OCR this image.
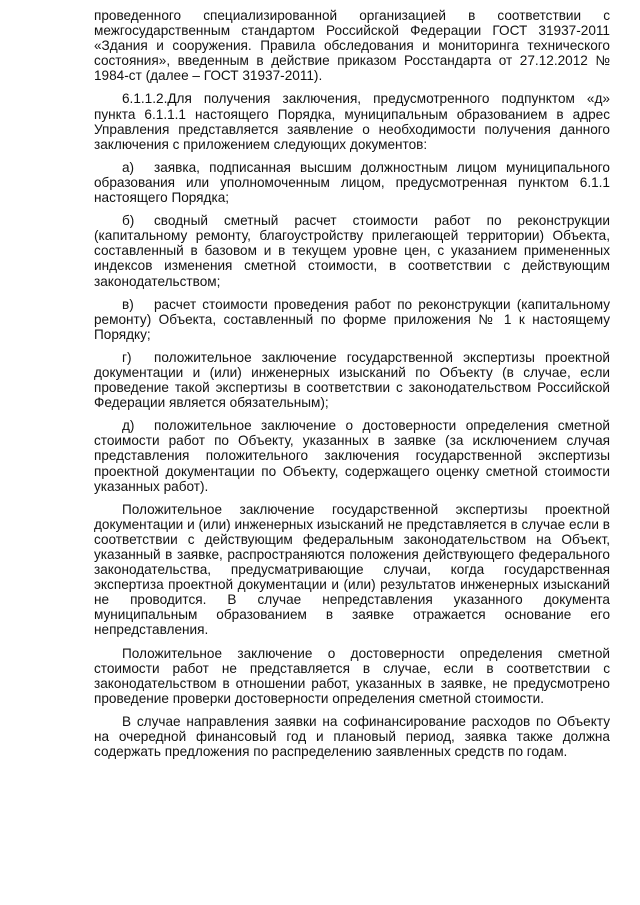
проведенного специализированной организацией в соответствии с межгосударственным стандартом Российской Федерации ГОСТ 31937-2011 «Здания и сооружения. Правила обследования и мониторинга технического состояния», введенным в действие приказом Росстандарта от 27.12.2012 № 1984-ст (далее – ГОСТ 31937-2011).

6.1.1.2.Для получения заключения, предусмотренного подпунктом «д» пункта 6.1.1.1 настоящего Порядка, муниципальным образованием в адрес Управления представляется заявление о необходимости получения данного заключения с приложением следующих документов:

а) заявка, подписанная высшим должностным лицом муниципального образования или уполномоченным лицом, предусмотренная пунктом 6.1.1 настоящего Порядка;

б) сводный сметный расчет стоимости работ по реконструкции (капитальному ремонту, благоустройству прилегающей территории) Объекта, составленный в базовом и в текущем уровне цен, с указанием примененных индексов изменения сметной стоимости, в соответствии с действующим законодательством;

в) расчет стоимости проведения работ по реконструкции (капитальному ремонту) Объекта, составленный по форме приложения № 1 к настоящему Порядку;

г) положительное заключение государственной экспертизы проектной документации и (или) инженерных изысканий по Объекту (в случае, если проведение такой экспертизы в соответствии с законодательством Российской Федерации является обязательным);

д) положительное заключение о достоверности определения сметной стоимости работ по Объекту, указанных в заявке (за исключением случая представления положительного заключения государственной экспертизы проектной документации по Объекту, содержащего оценку сметной стоимости указанных работ).

Положительное заключение государственной экспертизы проектной документации и (или) инженерных изысканий не представляется в случае если в соответствии с действующим федеральным законодательством на Объект, указанный в заявке, распространяются положения действующего федерального законодательства, предусматривающие случаи, когда государственная экспертиза проектной документации и (или) результатов инженерных изысканий не проводится. В случае непредставления указанного документа муниципальным образованием в заявке отражается основание его непредставления.

Положительное заключение о достоверности определения сметной стоимости работ не представляется в случае, если в соответствии с законодательством в отношении работ, указанных в заявке, не предусмотрено проведение проверки достоверности определения сметной стоимости.

В случае направления заявки на софинансирование расходов по Объекту на очередной финансовый год и плановый период, заявка также должна содержать предложения по распределению заявленных средств по годам.
